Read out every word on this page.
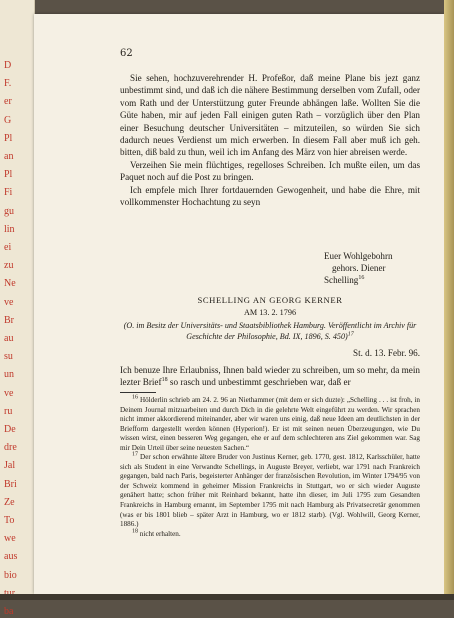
D
F.
er
G
Pl
an
Pl
Fi
gu
lin
ei
zu
Ne
ve
Br
au
su
un
ve
ru
De
dre
Jal
Bri
Ze
To
we
aus
bio
ba
62

Sie sehen, hochzuverehrender H. Profeßor, daß meine Plane bis jezt ganz unbestimmt sind, und daß ich die nähere Bestimmung derselben vom Zufall, oder vom Rath und der Unterstützung guter Freunde abhängen laße. Wollten Sie die Güte haben, mir auf jeden Fall einigen guten Rath – vorzüglich über den Plan einer Besuchung deutscher Universitäten – mitzuteilen, so würden Sie sich dadurch neues Verdienst um mich erwerben. In diesem Fall aber muß ich geh. bitten, diß bald zu thun, weil ich im Anfang des März von hier abreisen werde.

Verzeihen Sie mein flüchtiges, regelloses Schreiben. Ich mußte eilen, um das Paquet noch auf die Post zu bringen.

Ich empfele mich Ihrer fortdauernden Gewogenheit, und habe die Ehre, mit vollkommenster Hochachtung zu seyn

Euer Wohlgebohrn
gehors. Diener
Schelling$^{16}$
SCHELLING AN GEORG KERNER
AM 13. 2. 1796
(O. im Besitz der Universitäts- und Staatsbibliothek Hamburg. Veröffentlicht im Archiv für Geschichte der Philosophie, Bd. IX, 1896, S. 450)$^{17}$
St. d. 13. Febr. 96.

Ich benuze Ihre Erlaubniss, Ihnen bald wieder zu schreiben, um so mehr, da mein lezter Brief$^{18}$ so rasch und unbestimmt geschrieben war, daß er

$^{16}$ Hölderlin schrieb am 24. 2. 96 an Niethammer (mit dem er sich duzte): „Schelling . . . ist froh, in Deinem Journal mitzuarbeiten und durch Dich in die gelehrte Welt eingeführt zu werden. Wir sprachen nicht immer akkordierend miteinander, aber wir waren uns einig, daß neue Ideen am deutlichsten in der Briefform dargestellt werden können (Hyperion!). Er ist mit seinen neuen Überzeugungen, wie Du wissen wirst, einen besseren Weg gegangen, ehe er auf dem schlechteren ans Ziel gekommen war. Sag mir Dein Urteil über seine neuesten Sachen.“

$^{17}$ Der schon erwähnte ältere Bruder von Justinus Kerner, geb. 1770, gest. 1812, Karlsschüler, hatte sich als Student in eine Verwandte Schellings, in Auguste Breyer, verliebt, war 1791 nach Frankreich gegangen, bald nach Paris, begeisterter Anhänger der französischen Revolution, im Winter 1794/95 von der Schweiz kommend in geheimer Mission Frankreichs in Stuttgart, wo er sich wieder Auguste genähert hatte; schon früher mit Reinhard bekannt, hatte ihn dieser, im Juli 1795 zum Gesandten Frankreichs in Hamburg ernannt, im September 1795 mit nach Hamburg als Privatsecretär genommen (was er bis 1801 blieb – später Arzt in Hamburg, wo er 1812 starb). (Vgl. Wohlwill, Georg Kerner, 1886.)

$^{18}$ nicht erhalten.
